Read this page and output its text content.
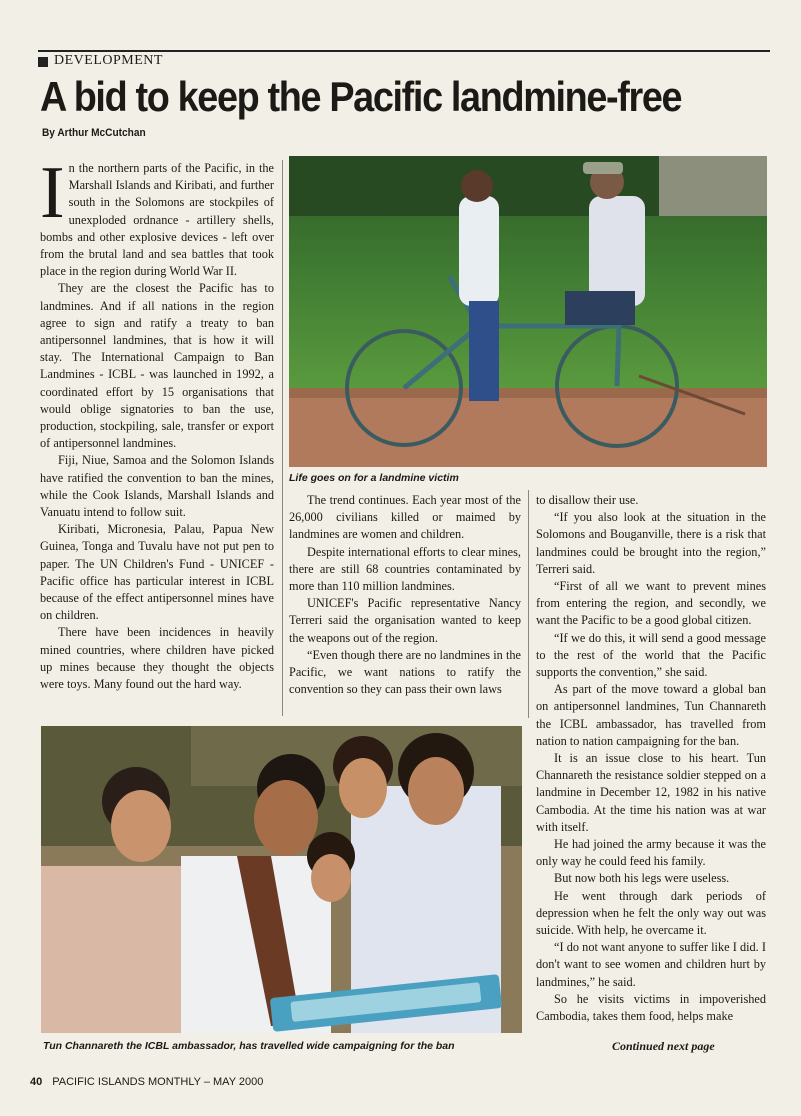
DEVELOPMENT
A bid to keep the Pacific landmine-free
By Arthur McCutchan

In the northern parts of the Pacific, in the Marshall Islands and Kiribati, and further south in the Solomons are stockpiles of unexploded ordnance - artillery shells, bombs and other explosive devices - left over from the brutal land and sea battles that took place in the region during World War II.

They are the closest the Pacific has to landmines. And if all nations in the region agree to sign and ratify a treaty to ban antipersonnel landmines, that is how it will stay. The International Campaign to Ban Landmines - ICBL - was launched in 1992, a coordinated effort by 15 organisations that would oblige signatories to ban the use, production, stockpiling, sale, transfer or export of antipersonnel landmines.

Fiji, Niue, Samoa and the Solomon Islands have ratified the convention to ban the mines, while the Cook Islands, Marshall Islands and Vanuatu intend to follow suit.

Kiribati, Micronesia, Palau, Papua New Guinea, Tonga and Tuvalu have not put pen to paper. The UN Children's Fund - UNICEF - Pacific office has particular interest in ICBL because of the effect antipersonnel mines have on children.

There have been incidences in heavily mined countries, where children have picked up mines because they thought the objects were toys. Many found out the hard way.

Life goes on for a landmine victim

The trend continues. Each year most of the 26,000 civilians killed or maimed by landmines are women and children.

Despite international efforts to clear mines, there are still 68 countries contaminated by more than 110 million landmines.

UNICEF's Pacific representative Nancy Terreri said the organisation wanted to keep the weapons out of the region.

“Even though there are no landmines in the Pacific, we want nations to ratify the convention so they can pass their own laws

to disallow their use.

“If you also look at the situation in the Solomons and Bouganville, there is a risk that landmines could be brought into the region,” Terreri said.

“First of all we want to prevent mines from entering the region, and secondly, we want the Pacific to be a good global citizen.

“If we do this, it will send a good message to the rest of the world that the Pacific supports the convention,” she said.

As part of the move toward a global ban on antipersonnel landmines, Tun Channareth the ICBL ambassador, has travelled from nation to nation campaigning for the ban.

It is an issue close to his heart. Tun Channareth the resistance soldier stepped on a landmine in December 12, 1982 in his native Cambodia. At the time his nation was at war with itself.

He had joined the army because it was the only way he could feed his family.

But now both his legs were useless.

He went through dark periods of depression when he felt the only way out was suicide. With help, he overcame it.

“I do not want anyone to suffer like I did. I don't want to see women and children hurt by landmines,” he said.

So he visits victims in impoverished Cambodia, takes them food, helps make

Tun Channareth the ICBL ambassador, has travelled wide campaigning for the ban	Continued next page
40 PACIFIC ISLANDS MONTHLY – MAY 2000
